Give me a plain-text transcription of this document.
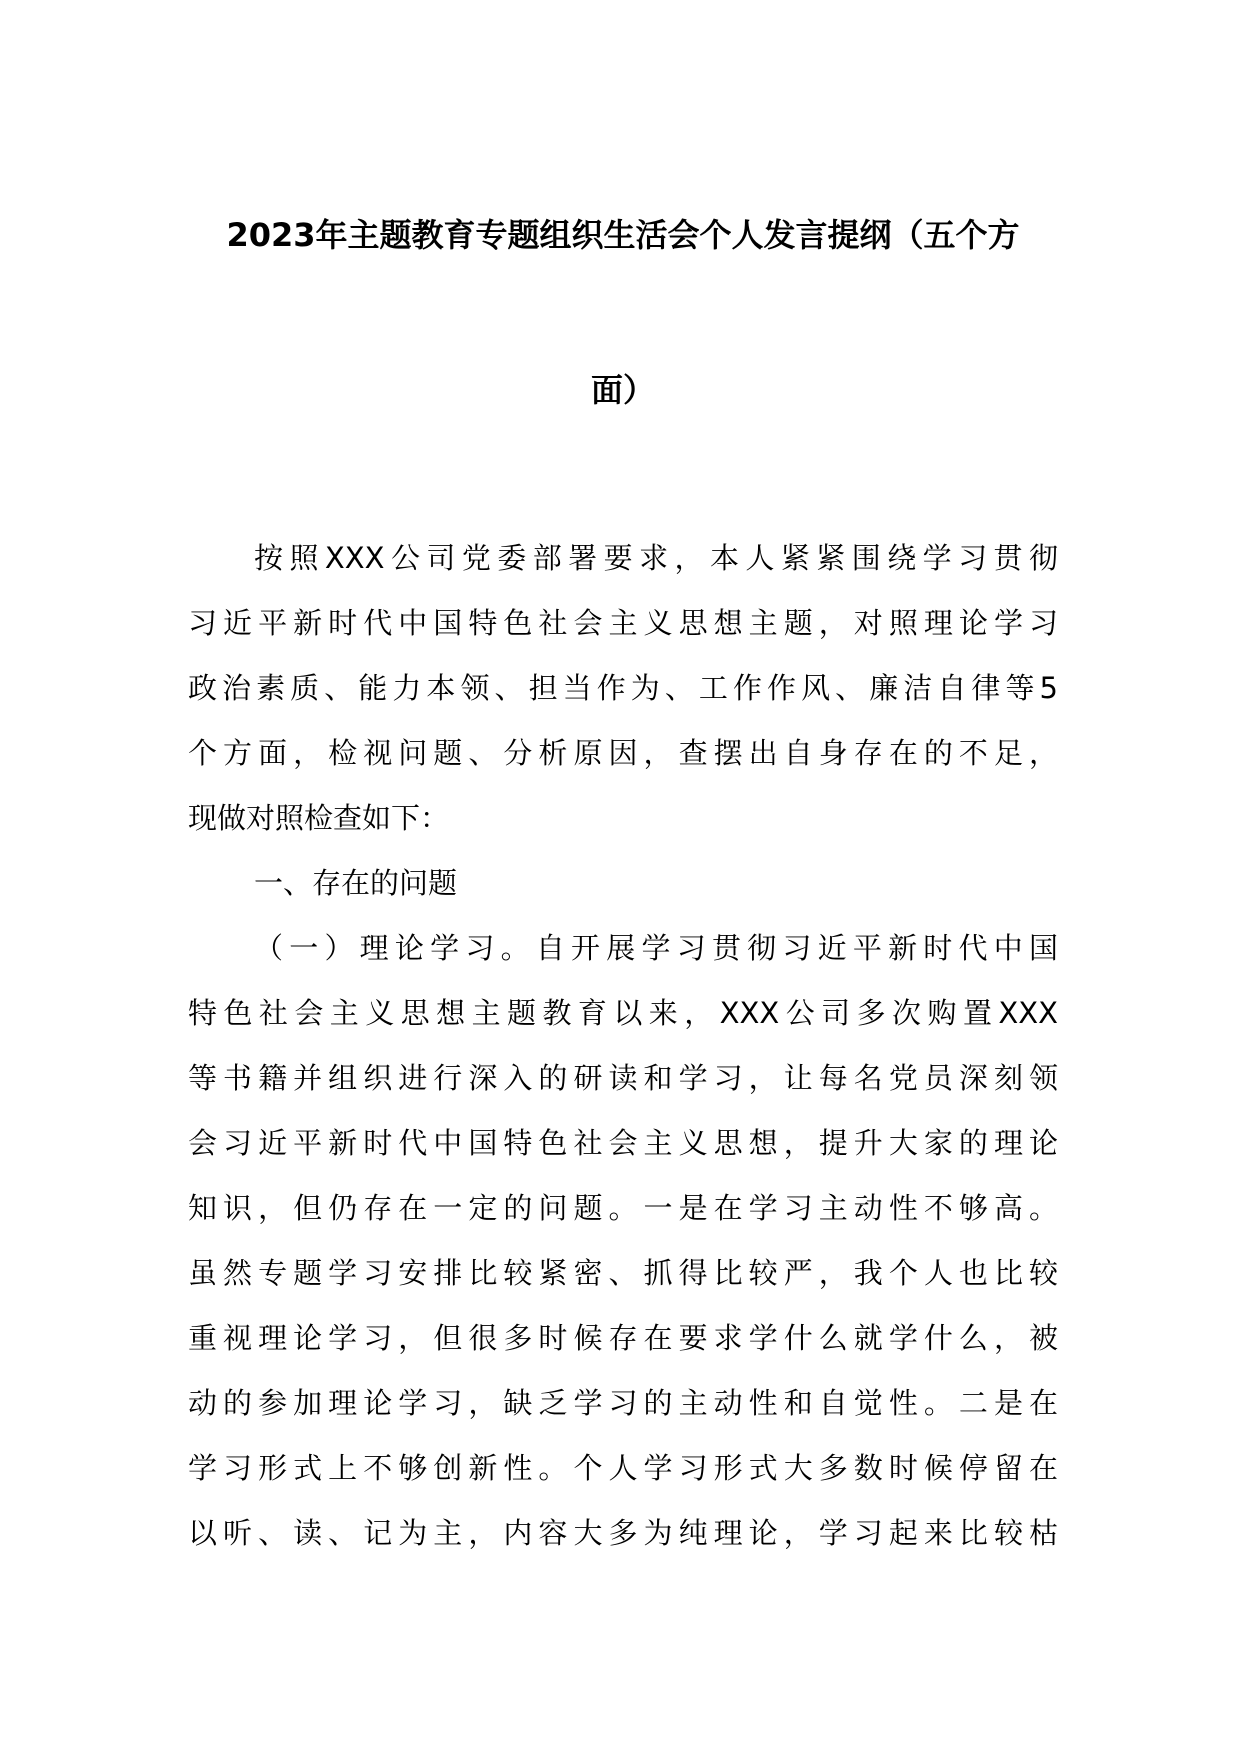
2023年主题教育专题组织生活会个人发言提纲（五个方
面）
按照XXX公司党委部署要求，本人紧紧围绕学习贯彻
习近平新时代中国特色社会主义思想主题，对照理论学习
政治素质、能力本领、担当作为、工作作风、廉洁自律等5
个方面，检视问题、分析原因，查摆出自身存在的不足，
现做对照检查如下：
一、存在的问题
（一）理论学习。自开展学习贯彻习近平新时代中国
特色社会主义思想主题教育以来，XXX公司多次购置XXX
等书籍并组织进行深入的研读和学习，让每名党员深刻领
会习近平新时代中国特色社会主义思想，提升大家的理论
知识，但仍存在一定的问题。一是在学习主动性不够高。
虽然专题学习安排比较紧密、抓得比较严，我个人也比较
重视理论学习，但很多时候存在要求学什么就学什么，被
动的参加理论学习，缺乏学习的主动性和自觉性。二是在
学习形式上不够创新性。个人学习形式大多数时候停留在
以听、读、记为主，内容大多为纯理论，学习起来比较枯
